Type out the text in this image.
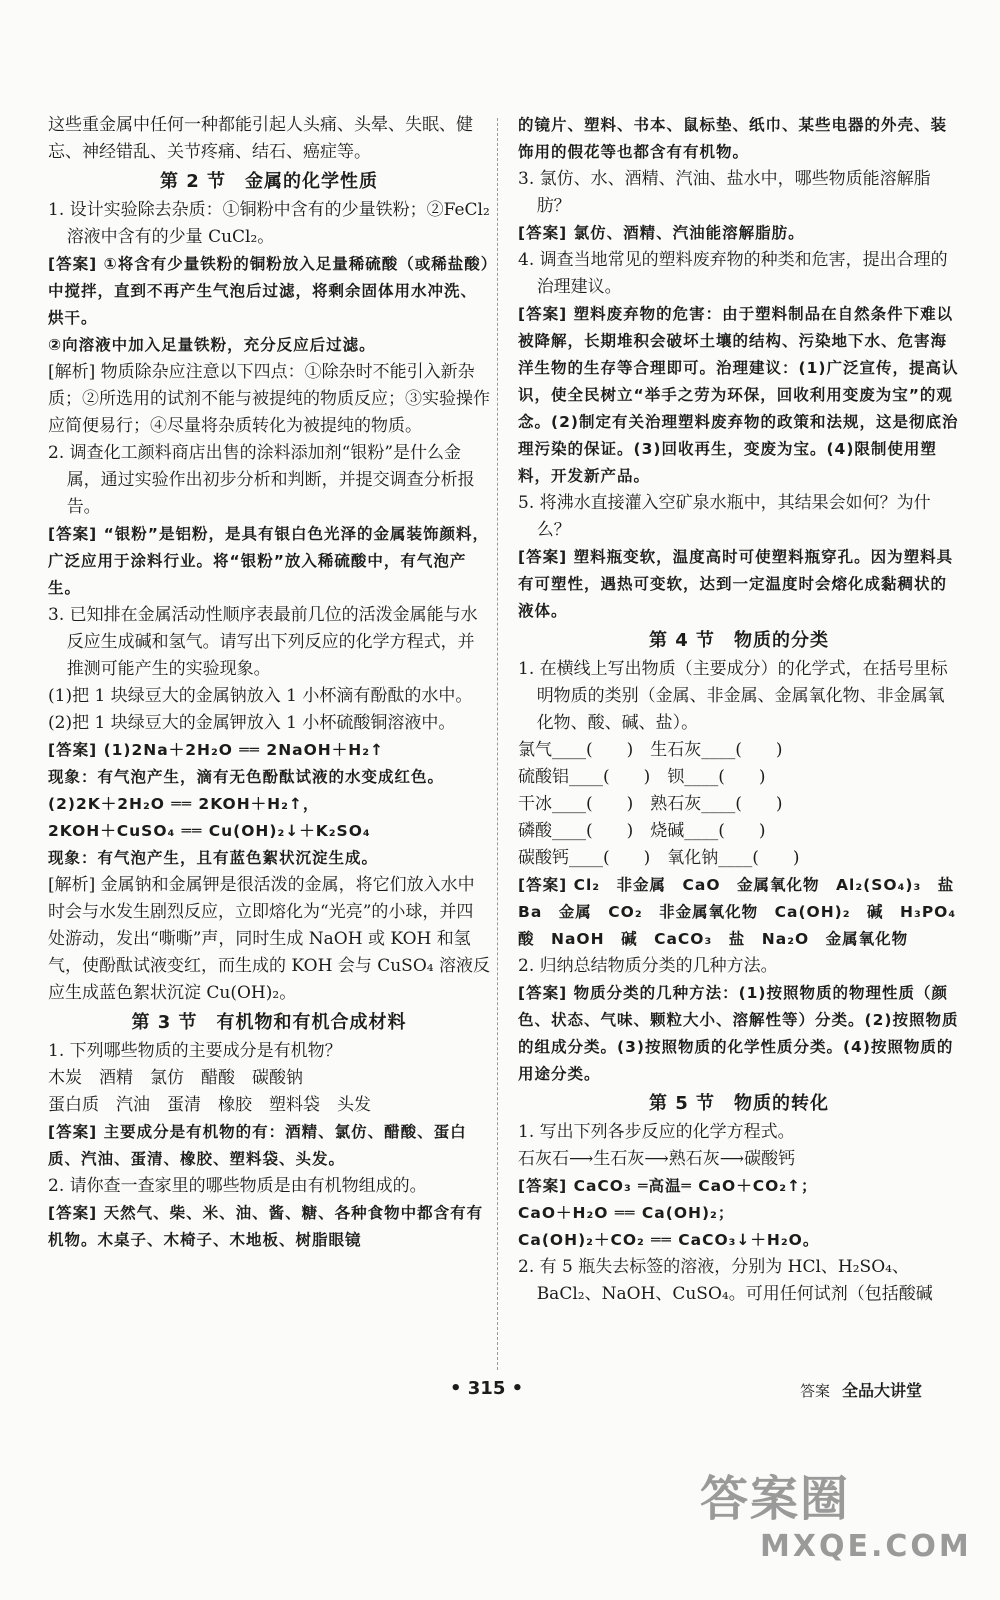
这些重金属中任何一种都能引起人头痛、头晕、失眠、健忘、神经错乱、关节疼痛、结石、癌症等。

第 2 节　金属的化学性质

1. 设计实验除去杂质：①铜粉中含有的少量铁粉；②FeCl₂ 溶液中含有的少量 CuCl₂。

[答案] ①将含有少量铁粉的铜粉放入足量稀硫酸（或稀盐酸）中搅拌，直到不再产生气泡后过滤，将剩余固体用水冲洗、烘干。

②向溶液中加入足量铁粉，充分反应后过滤。

[解析] 物质除杂应注意以下四点：①除杂时不能引入新杂质；②所选用的试剂不能与被提纯的物质反应；③实验操作应简便易行；④尽量将杂质转化为被提纯的物质。

2. 调查化工颜料商店出售的涂料添加剂“银粉”是什么金属，通过实验作出初步分析和判断，并提交调查分析报告。

[答案] “银粉”是铝粉，是具有银白色光泽的金属装饰颜料，广泛应用于涂料行业。将“银粉”放入稀硫酸中，有气泡产生。

3. 已知排在金属活动性顺序表最前几位的活泼金属能与水反应生成碱和氢气。请写出下列反应的化学方程式，并推测可能产生的实验现象。

(1)把 1 块绿豆大的金属钠放入 1 小杯滴有酚酞的水中。

(2)把 1 块绿豆大的金属钾放入 1 小杯硫酸铜溶液中。

[答案] (1)2Na＋2H₂O ══ 2NaOH＋H₂↑

现象：有气泡产生，滴有无色酚酞试液的水变成红色。

(2)2K＋2H₂O ══ 2KOH＋H₂↑，

2KOH＋CuSO₄ ══ Cu(OH)₂↓＋K₂SO₄

现象：有气泡产生，且有蓝色絮状沉淀生成。

[解析] 金属钠和金属钾是很活泼的金属，将它们放入水中时会与水发生剧烈反应，立即熔化为“光亮”的小球，并四处游动，发出“嘶嘶”声，同时生成 NaOH 或 KOH 和氢气，使酚酞试液变红，而生成的 KOH 会与 CuSO₄ 溶液反应生成蓝色絮状沉淀 Cu(OH)₂。

第 3 节　有机物和有机合成材料

1. 下列哪些物质的主要成分是有机物？

木炭　酒精　氯仿　醋酸　碳酸钠

蛋白质　汽油　蛋清　橡胶　塑料袋　头发

[答案] 主要成分是有机物的有：酒精、氯仿、醋酸、蛋白质、汽油、蛋清、橡胶、塑料袋、头发。

2. 请你查一查家里的哪些物质是由有机物组成的。

[答案] 天然气、柴、米、油、酱、糖、各种食物中都含有有机物。木桌子、木椅子、木地板、树脂眼镜

的镜片、塑料、书本、鼠标垫、纸巾、某些电器的外壳、装饰用的假花等也都含有有机物。

3. 氯仿、水、酒精、汽油、盐水中，哪些物质能溶解脂肪？

[答案] 氯仿、酒精、汽油能溶解脂肪。

4. 调查当地常见的塑料废弃物的种类和危害，提出合理的治理建议。

[答案] 塑料废弃物的危害：由于塑料制品在自然条件下难以被降解，长期堆积会破坏土壤的结构、污染地下水、危害海洋生物的生存等合理即可。治理建议：(1)广泛宣传，提高认识，使全民树立“举手之劳为环保，回收利用变废为宝”的观念。(2)制定有关治理塑料废弃物的政策和法规，这是彻底治理污染的保证。(3)回收再生，变废为宝。(4)限制使用塑料，开发新产品。

5. 将沸水直接灌入空矿泉水瓶中，其结果会如何？为什么？

[答案] 塑料瓶变软，温度高时可使塑料瓶穿孔。因为塑料具有可塑性，遇热可变软，达到一定温度时会熔化成黏稠状的液体。

第 4 节　物质的分类

1. 在横线上写出物质（主要成分）的化学式，在括号里标明物质的类别（金属、非金属、金属氧化物、非金属氧化物、酸、碱、盐）。

氯气____(　　)　生石灰____(　　)

硫酸铝____(　　)　钡____(　　)

干冰____(　　)　熟石灰____(　　)

磷酸____(　　)　烧碱____(　　)

碳酸钙____(　　)　氧化钠____(　　)

[答案] Cl₂　非金属　CaO　金属氧化物　Al₂(SO₄)₃　盐　Ba　金属　CO₂　非金属氧化物　Ca(OH)₂　碱　H₃PO₄　酸　NaOH　碱　CaCO₃　盐　Na₂O　金属氧化物

2. 归纳总结物质分类的几种方法。

[答案] 物质分类的几种方法：(1)按照物质的物理性质（颜色、状态、气味、颗粒大小、溶解性等）分类。(2)按照物质的组成分类。(3)按照物质的化学性质分类。(4)按照物质的用途分类。

第 5 节　物质的转化

1. 写出下列各步反应的化学方程式。

石灰石⟶生石灰⟶熟石灰⟶碳酸钙

[答案] CaCO₃ ═高温═ CaO＋CO₂↑；

CaO＋H₂O ══ Ca(OH)₂；

Ca(OH)₂＋CO₂ ══ CaCO₃↓＋H₂O。

2. 有 5 瓶失去标签的溶液，分别为 HCl、H₂SO₄、BaCl₂、NaOH、CuSO₄。可用任何试剂（包括酸碱

• 315 •	答案 全品大讲堂
答案圈
MXQE.COM
